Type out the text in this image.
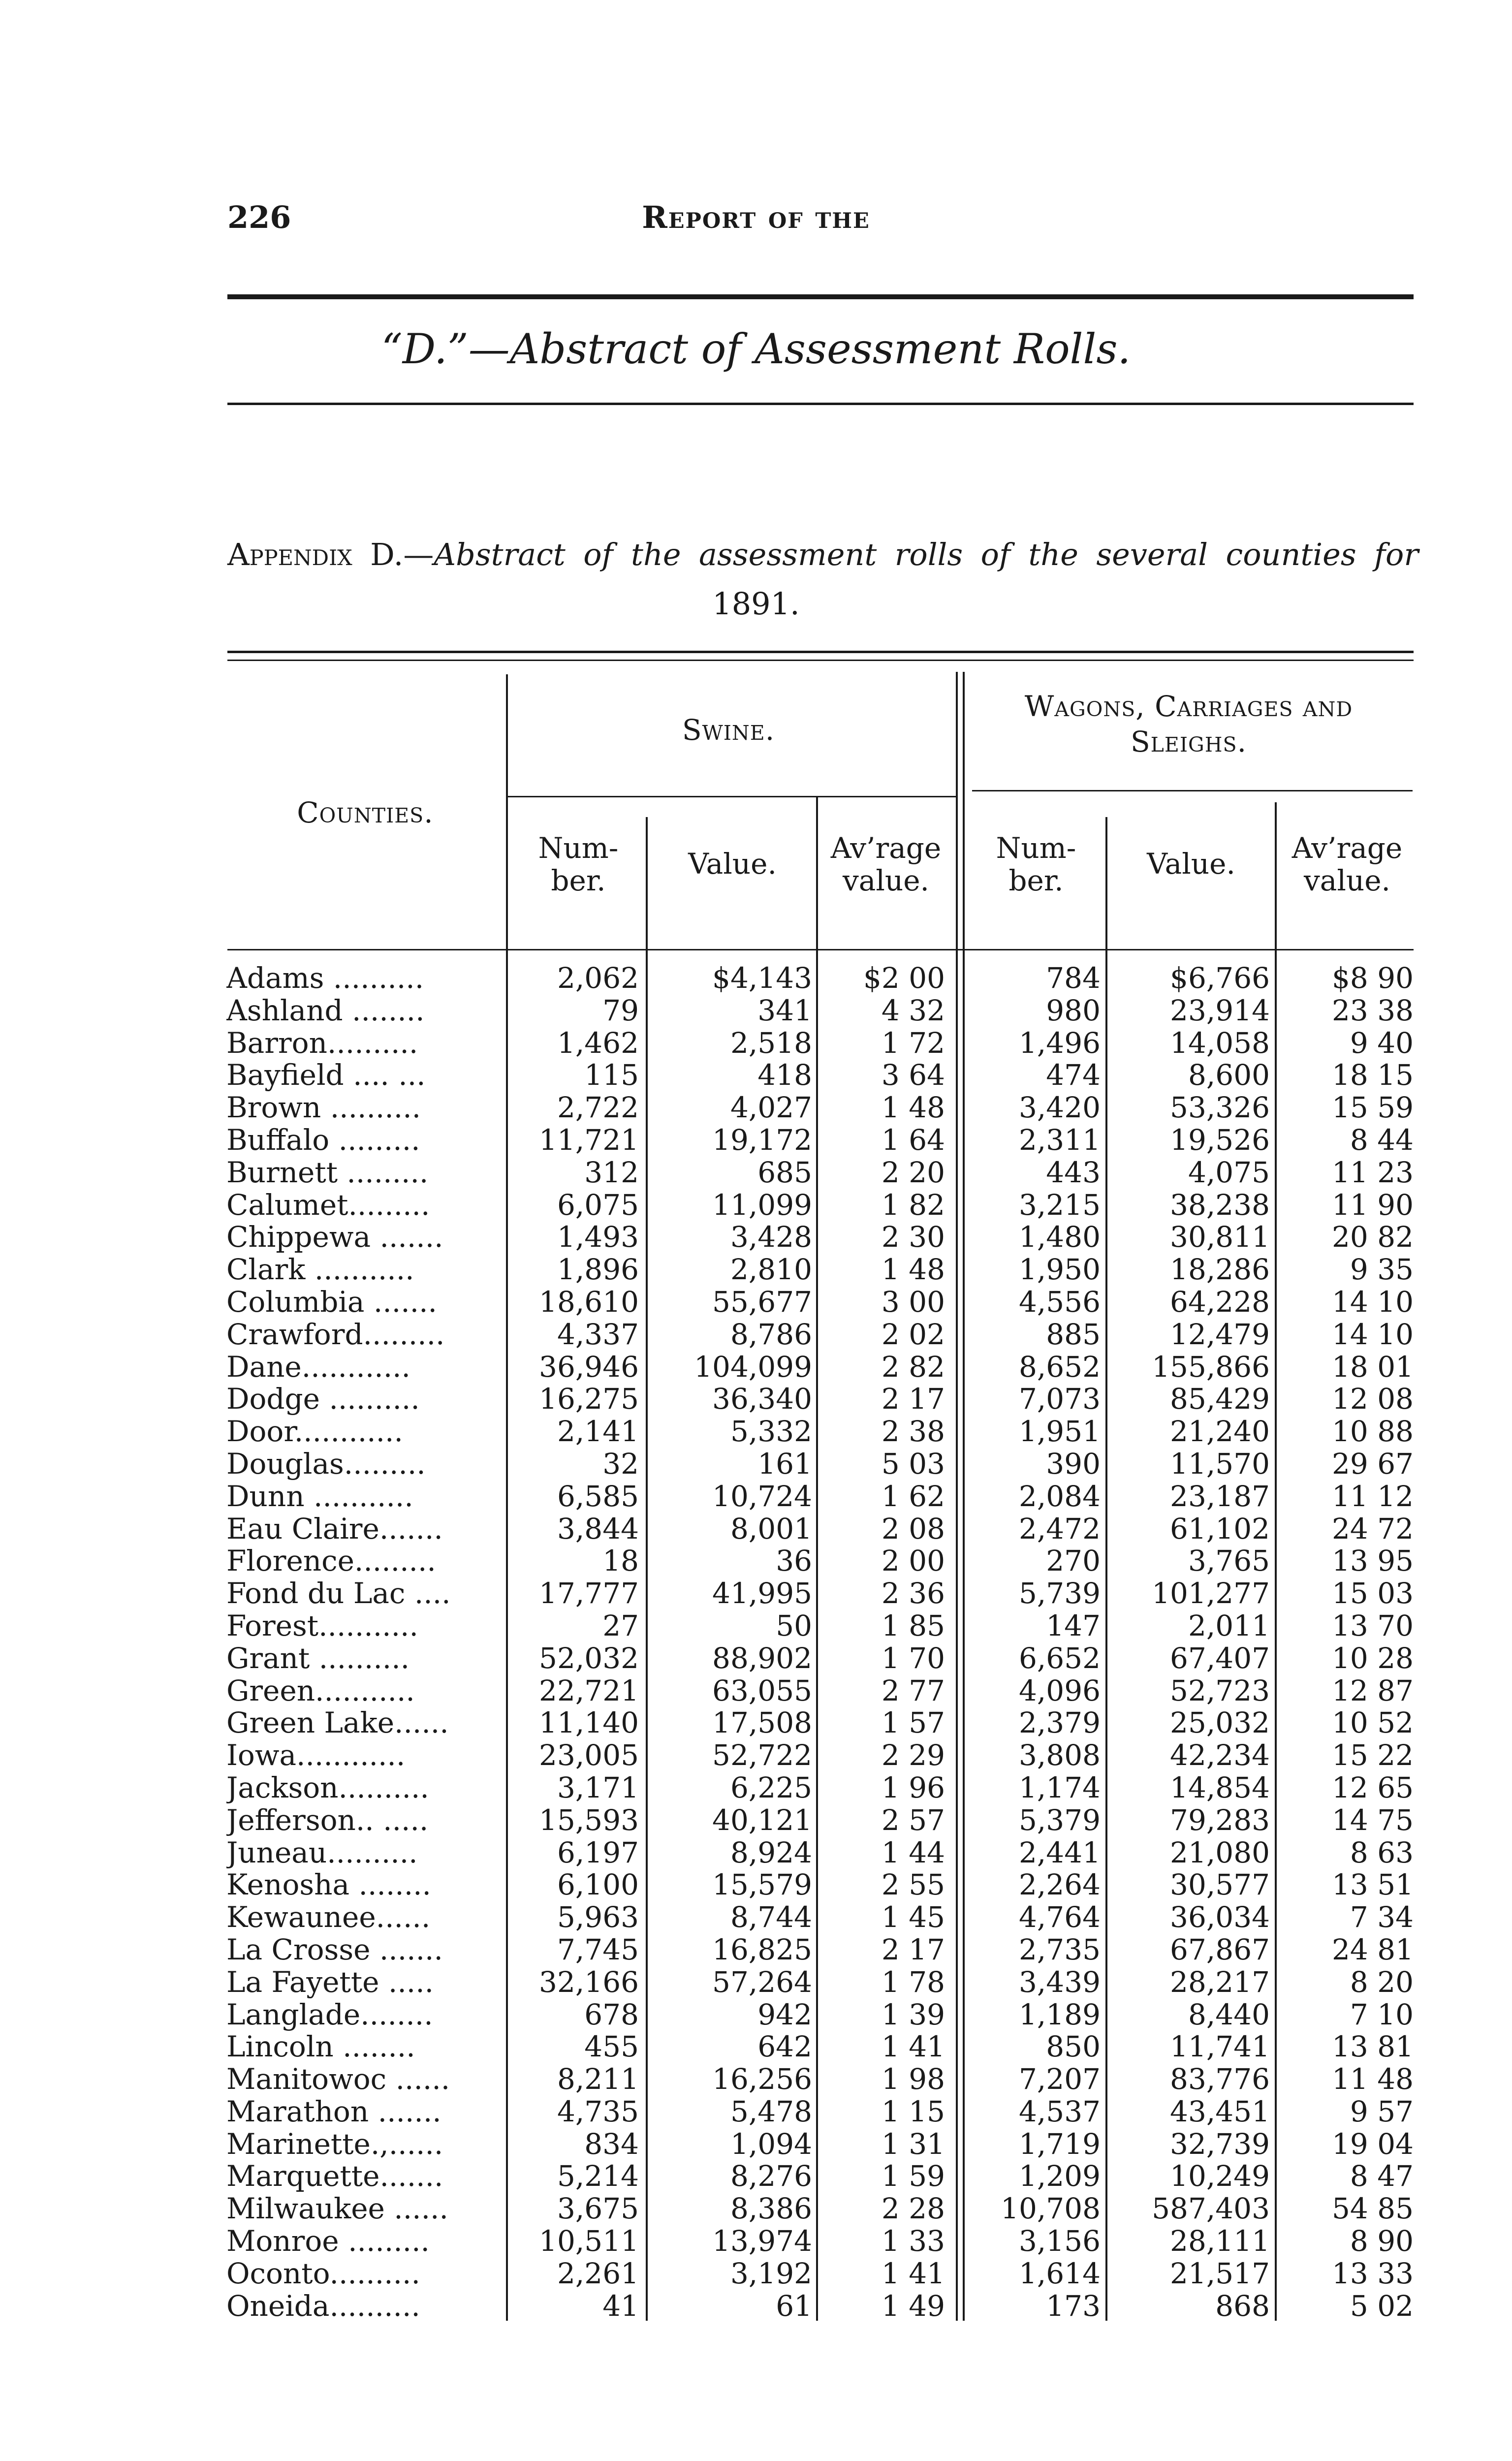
226	Report of the
“D.”—Abstract of Assessment Rolls.
Appendix D.—Abstract of the assessment rolls of the several counties for
1891.
Counties.
Swine.
Wagons, Carriages and
Sleighs.
Num-
ber.	Value.	Av’rage
value.
Num-
ber.	Value.	Av’rage
value.
Adams ..........	2,062	$4,143	$2 00	784	$6,766	$8 90
Ashland ........	79	341	4 32	980	23,914	23 38
Barron..........	1,462	2,518	1 72	1,496	14,058	9 40
Bayfield .... ...	115	418	3 64	474	8,600	18 15
Brown ..........	2,722	4,027	1 48	3,420	53,326	15 59
Buffalo .........	11,721	19,172	1 64	2,311	19,526	8 44
Burnett .........	312	685	2 20	443	4,075	11 23
Calumet.........	6,075	11,099	1 82	3,215	38,238	11 90
Chippewa .......	1,493	3,428	2 30	1,480	30,811	20 82
Clark ...........	1,896	2,810	1 48	1,950	18,286	9 35
Columbia .......	18,610	55,677	3 00	4,556	64,228	14 10
Crawford.........	4,337	8,786	2 02	885	12,479	14 10
Dane............	36,946	104,099	2 82	8,652	155,866	18 01
Dodge ..........	16,275	36,340	2 17	7,073	85,429	12 08
Door............	2,141	5,332	2 38	1,951	21,240	10 88
Douglas.........	32	161	5 03	390	11,570	29 67
Dunn ...........	6,585	10,724	1 62	2,084	23,187	11 12
Eau Claire.......	3,844	8,001	2 08	2,472	61,102	24 72
Florence.........	18	36	2 00	270	3,765	13 95
Fond du Lac ....	17,777	41,995	2 36	5,739	101,277	15 03
Forest...........	27	50	1 85	147	2,011	13 70
Grant ..........	52,032	88,902	1 70	6,652	67,407	10 28
Green...........	22,721	63,055	2 77	4,096	52,723	12 87
Green Lake......	11,140	17,508	1 57	2,379	25,032	10 52
Iowa............	23,005	52,722	2 29	3,808	42,234	15 22
Jackson..........	3,171	6,225	1 96	1,174	14,854	12 65
Jefferson.. .....	15,593	40,121	2 57	5,379	79,283	14 75
Juneau..........	6,197	8,924	1 44	2,441	21,080	8 63
Kenosha ........	6,100	15,579	2 55	2,264	30,577	13 51
Kewaunee......	5,963	8,744	1 45	4,764	36,034	7 34
La Crosse .......	7,745	16,825	2 17	2,735	67,867	24 81
La Fayette .....	32,166	57,264	1 78	3,439	28,217	8 20
Langlade........	678	942	1 39	1,189	8,440	7 10
Lincoln ........	455	642	1 41	850	11,741	13 81
Manitowoc ......	8,211	16,256	1 98	7,207	83,776	11 48
Marathon .......	4,735	5,478	1 15	4,537	43,451	9 57
Marinette.,......	834	1,094	1 31	1,719	32,739	19 04
Marquette.......	5,214	8,276	1 59	1,209	10,249	8 47
Milwaukee ......	3,675	8,386	2 28	10,708	587,403	54 85
Monroe .........	10,511	13,974	1 33	3,156	28,111	8 90
Oconto..........	2,261	3,192	1 41	1,614	21,517	13 33
Oneida..........	41	61	1 49	173	868	5 02
